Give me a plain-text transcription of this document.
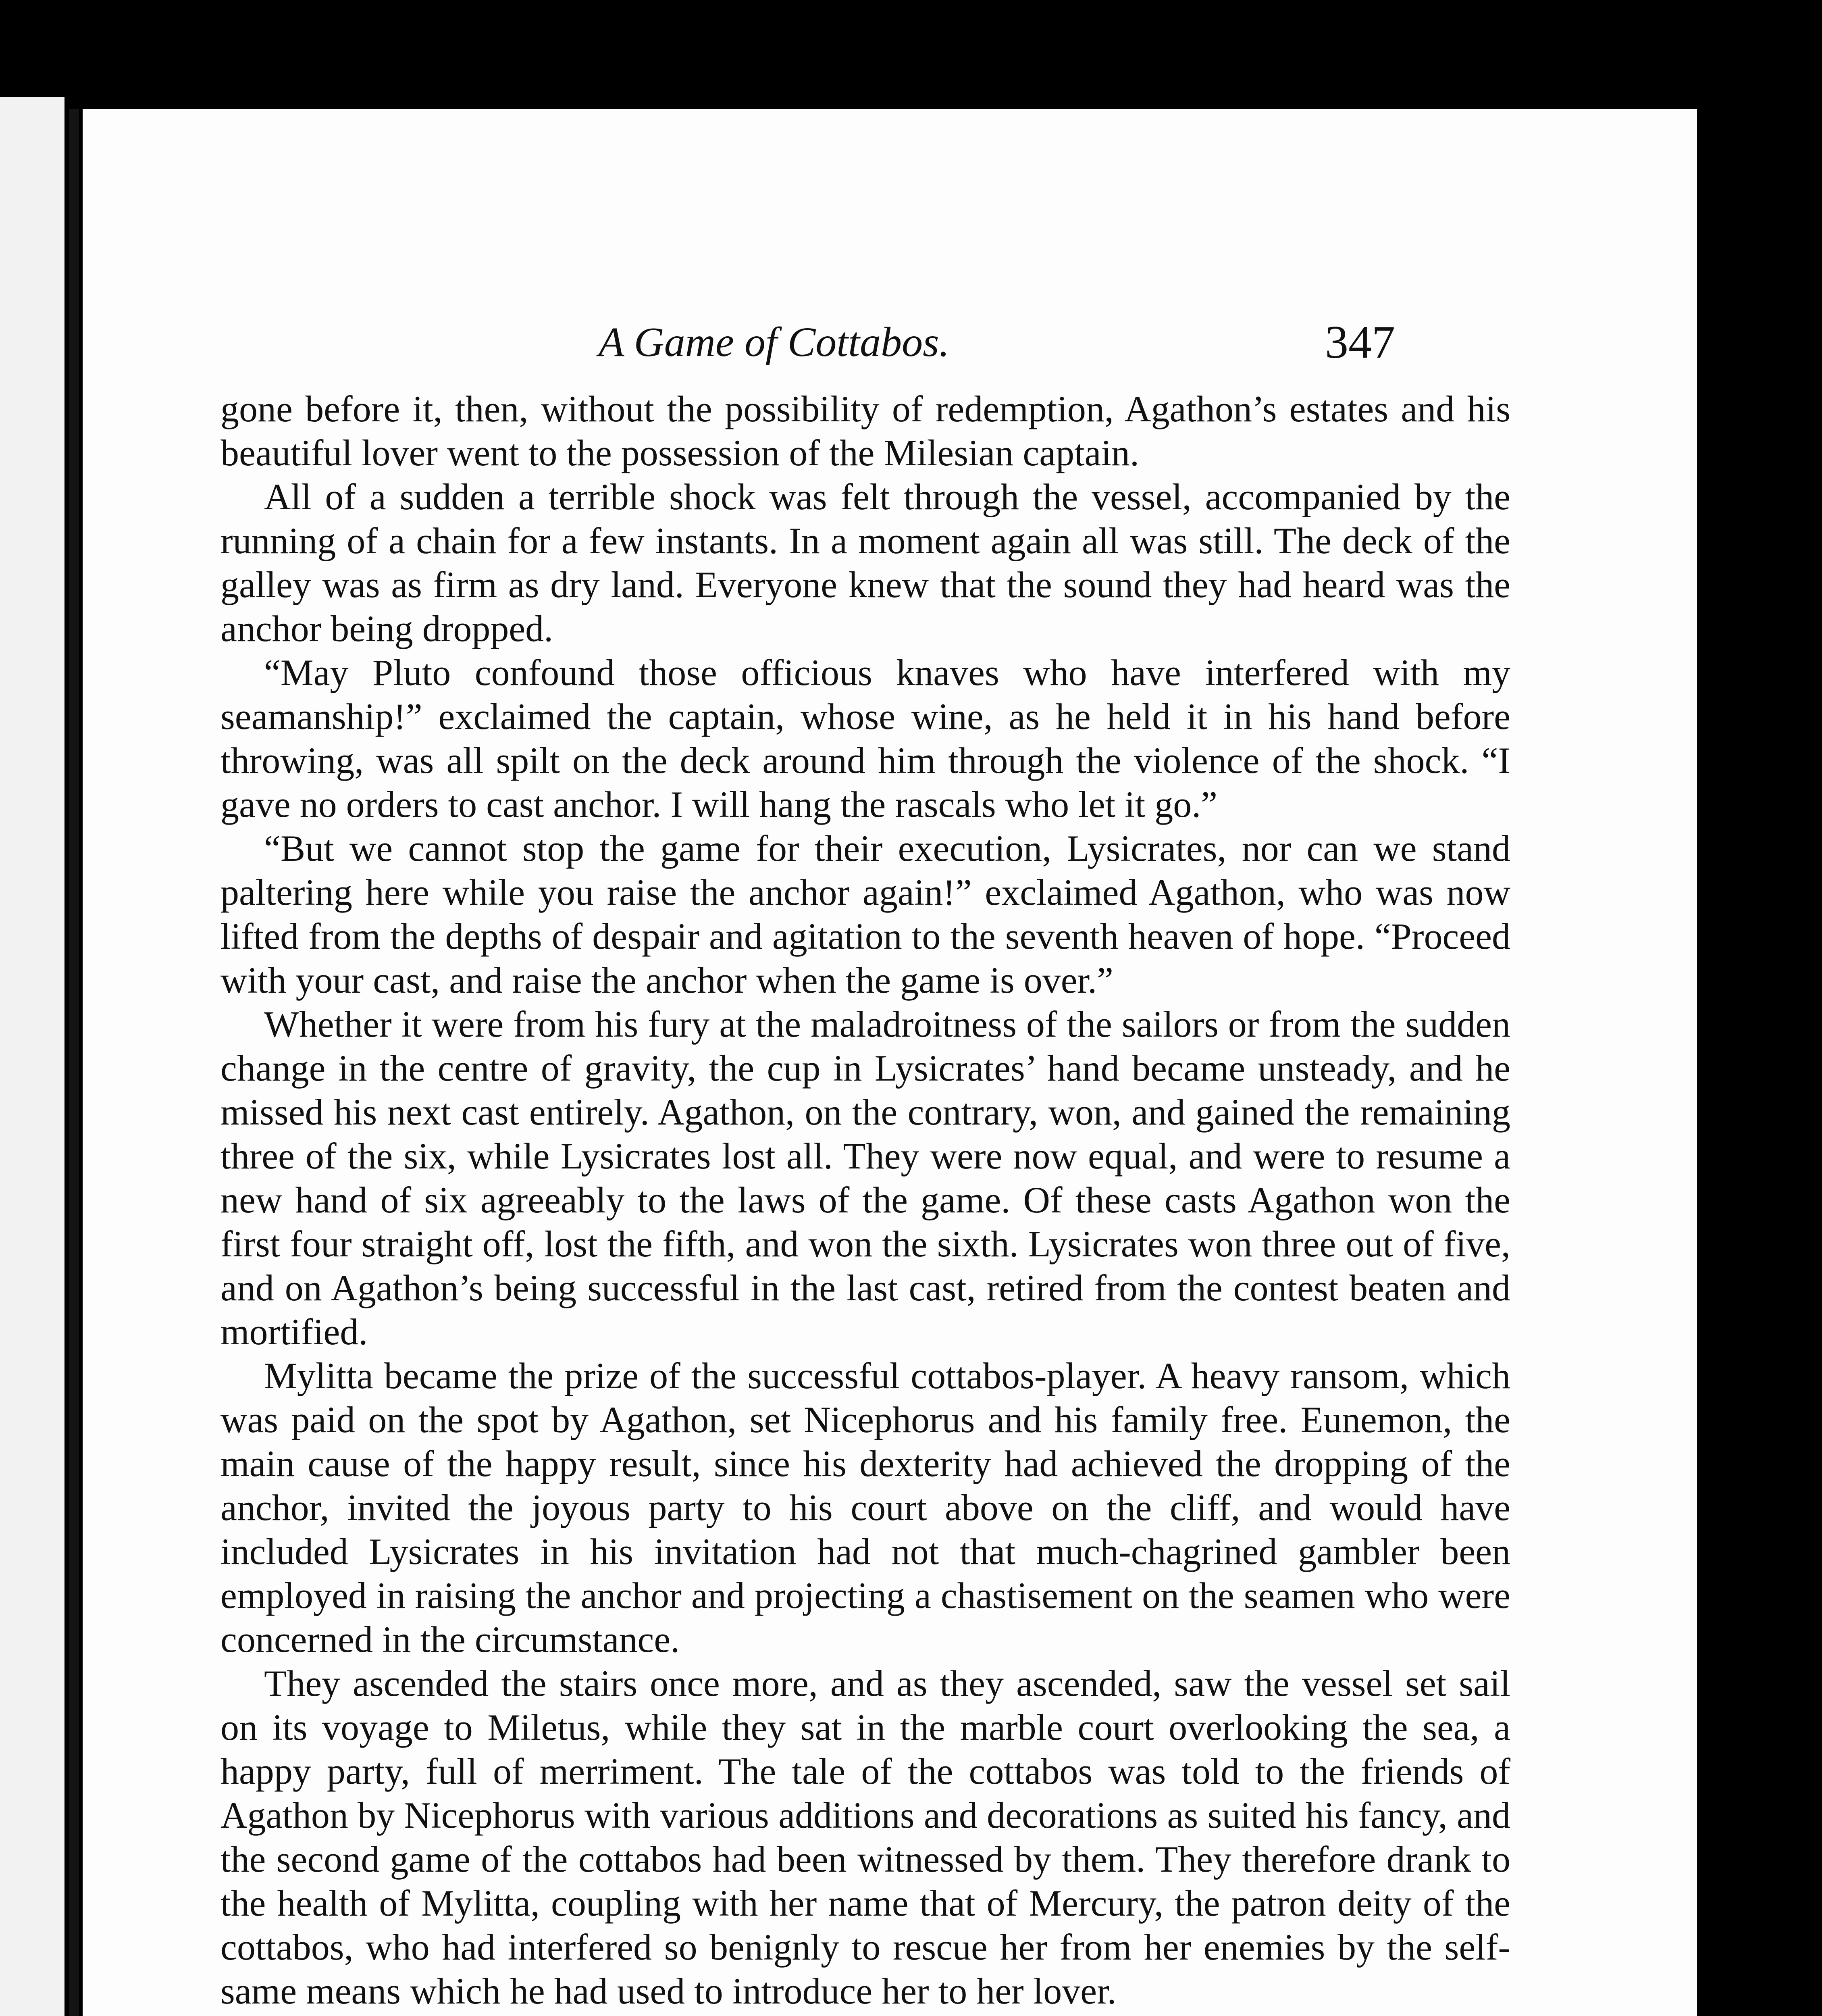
A Game of Cottabos.	347

gone before it, then, without the possibility of redemption, Agathon’s estates and his beautiful lover went to the possession of the Milesian captain.

All of a sudden a terrible shock was felt through the vessel, accompanied by the running of a chain for a few instants. In a moment again all was still. The deck of the galley was as firm as dry land. Everyone knew that the sound they had heard was the anchor being dropped.

“May Pluto confound those officious knaves who have interfered with my seamanship!” exclaimed the captain, whose wine, as he held it in his hand before throwing, was all spilt on the deck around him through the violence of the shock. “I gave no orders to cast anchor. I will hang the rascals who let it go.”

“But we cannot stop the game for their execution, Lysicrates, nor can we stand paltering here while you raise the anchor again!” exclaimed Agathon, who was now lifted from the depths of despair and agitation to the seventh heaven of hope. “Proceed with your cast, and raise the anchor when the game is over.”

Whether it were from his fury at the maladroitness of the sailors or from the sudden change in the centre of gravity, the cup in Lysicrates’ hand became unsteady, and he missed his next cast entirely. Agathon, on the contrary, won, and gained the remaining three of the six, while Lysicrates lost all. They were now equal, and were to resume a new hand of six agreeably to the laws of the game. Of these casts Agathon won the first four straight off, lost the fifth, and won the sixth. Lysicrates won three out of five, and on Agathon’s being successful in the last cast, retired from the contest beaten and mortified.

Mylitta became the prize of the successful cottabos-player. A heavy ransom, which was paid on the spot by Agathon, set Nicephorus and his family free. Eunemon, the main cause of the happy result, since his dexterity had achieved the dropping of the anchor, invited the joyous party to his court above on the cliff, and would have included Lysicrates in his invitation had not that much-chagrined gambler been employed in raising the anchor and projecting a chastisement on the seamen who were concerned in the circumstance.

They ascended the stairs once more, and as they ascended, saw the vessel set sail on its voyage to Miletus, while they sat in the marble court overlooking the sea, a happy party, full of merriment. The tale of the cottabos was told to the friends of Agathon by Nicephorus with various additions and decorations as suited his fancy, and the second game of the cottabos had been witnessed by them. They therefore drank to the health of Mylitta, coupling with her name that of Mercury, the patron deity of the cottabos, who had interfered so benignly to rescue her from her enemies by the self-same means which he had used to introduce her to her lover.
